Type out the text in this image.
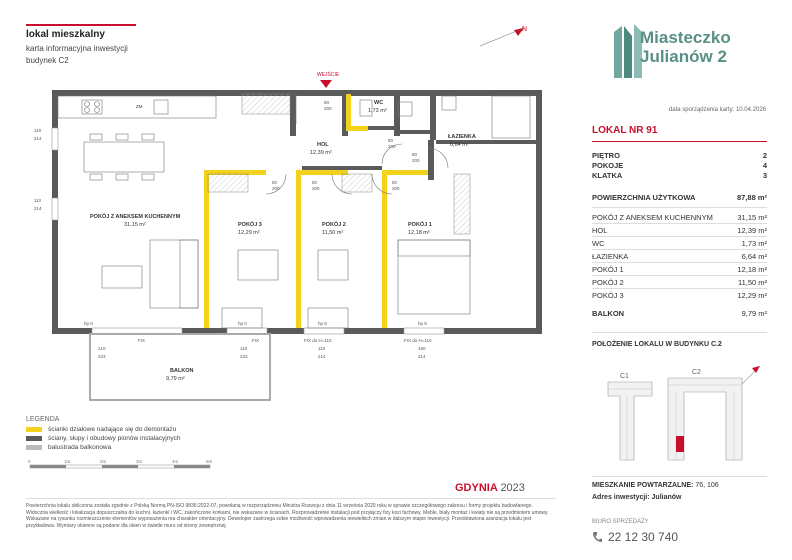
lokal mieszkalny
karta informacyjna inwestycji
budynek C2
N	Miasteczko
Julianów 2
data sporządzenia karty: 10.04.2026
LOKAL NR 91
PIĘTRO	2
POKOJE	4
KLATKA	3
POWIERZCHNIA UŻYTKOWA	87,88 m²
POKÓJ Z ANEKSEM KUCHENNYM	31,15 m²
HOL	12,39 m²
WC	1,73 m²
ŁAZIENKA	6,64 m²
POKÓJ 1	12,18 m²
POKÓJ 2	11,50 m²
POKÓJ 3	12,29 m²
BALKON	9,79 m²
POŁOŻENIE LOKALU W BUDYNKU C.2
C1
C2
MIESZKANIE POWTARZALNE: 76, 106
Adres inwestycji: Julianów
BIURO SPRZEDAŻY
22 12 30 740
WEJŚCIE
POKÓJ Z ANEKSEM KUCHENNYM
31,15 m²
HOL
12,39 m²
WC
1,73 m²
ŁAZIENKA
6,64 m²
POKÓJ 3
12,29 m²
POKÓJ 2
11,50 m²
POKÓJ 1
12,18 m²
BALKON
9,79 m²
ZM
110
214
110
214
hp 0	hp 0	hp 9	hp 9
FIX	FIX	FIX do H=110	FIX do H=110
210
223
110
223
110
214
160
214
80
200
80
200
80
200
80
200
80
200
90
200
LEGENDA
ścianki działowe nadające się do demontażu
ściany, słupy i obudowy pionów instalacyjnych
balustrada balkonowa
0	1m	2m	3m	4m	5m
GDYNIA 2023
Powierzchnia lokalu obliczona została zgodnie z Polską Normą PN-ISO 9836:2022-07, powołaną w rozporządzeniu Ministra Rozwoju z dnia 11 września 2020 roku w sprawie szczegółowego zakresu i formy projektu budowlanego. Widoczna wielkość i lokalizacja dopuszczalna do kuchni, łazienki i WC, zakończone korkami, nie wskazane w ścianach. Rozprowadzenie instalacji pod przyłączy fizy kozi fachowy. Meble, biały montaż i kwiaty nie są przedmiotem umowy. Wskazane na rysunku rozmieszczenie elementów wyposażenia ma charakter orientacyjny. Deweloper zastrzega sobie możliwość wprowadzenia niewielkich zmian w dalszym etapie inwestycji. Przedstawiona aranżacja lokalu jest przykładowa. Wymiary okienne są podane dla okien w świetle muru od strony zewnętrznej.
